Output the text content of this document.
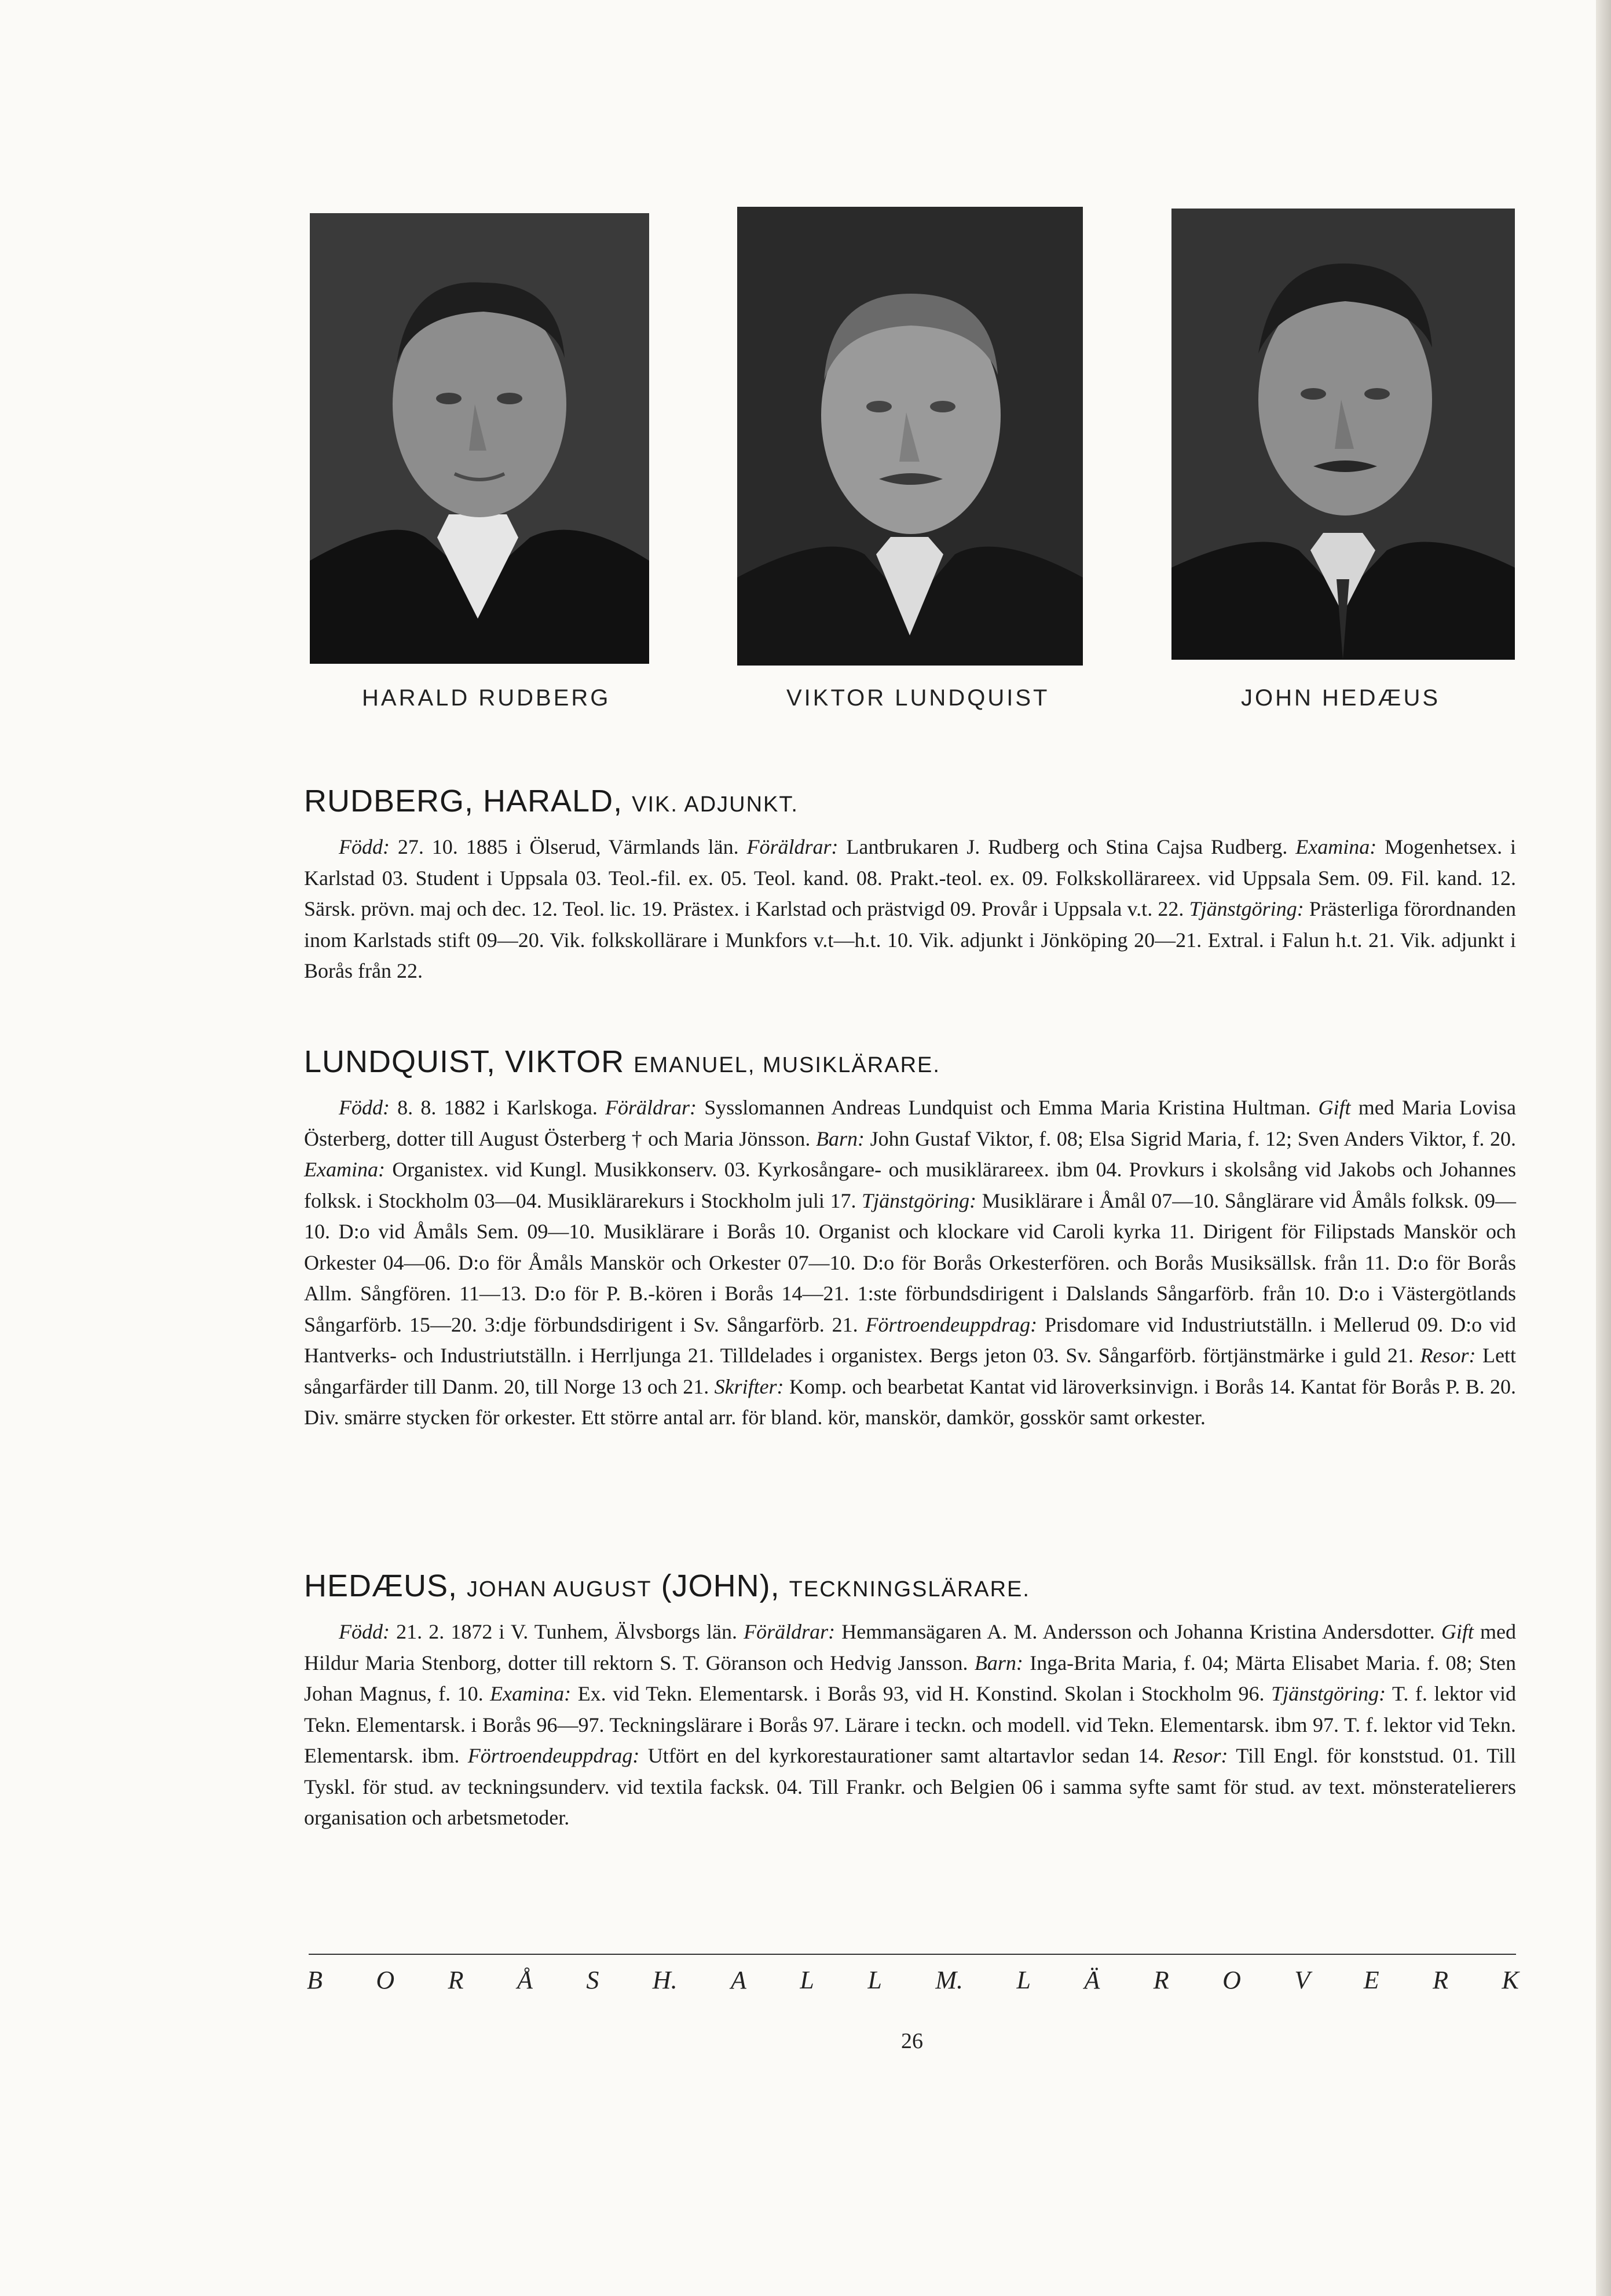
HARALD RUDBERG	VIKTOR LUNDQUIST	JOHN HEDÆUS
RUDBERG, HARALD, VIK. ADJUNKT.

Född: 27. 10. 1885 i Ölserud, Värmlands län. Föräldrar: Lantbrukaren J. Rudberg och Stina Cajsa Rudberg. Examina: Mogenhetsex. i Karlstad 03. Student i Uppsala 03. Teol.-fil. ex. 05. Teol. kand. 08. Prakt.-teol. ex. 09. Folkskollärareex. vid Uppsala Sem. 09. Fil. kand. 12. Särsk. prövn. maj och dec. 12. Teol. lic. 19. Prästex. i Karlstad och prästvigd 09. Provår i Uppsala v.t. 22. Tjänstgöring: Prästerliga förordnanden inom Karlstads stift 09—20. Vik. folkskollärare i Munkfors v.t—h.t. 10. Vik. adjunkt i Jönköping 20—21. Extral. i Falun h.t. 21. Vik. adjunkt i Borås från 22.

LUNDQUIST, VIKTOR EMANUEL, MUSIKLÄRARE.

Född: 8. 8. 1882 i Karlskoga. Föräldrar: Sysslomannen Andreas Lundquist och Emma Maria Kristina Hultman. Gift med Maria Lovisa Österberg, dotter till August Österberg † och Maria Jönsson. Barn: John Gustaf Viktor, f. 08; Elsa Sigrid Maria, f. 12; Sven Anders Viktor, f. 20. Examina: Organistex. vid Kungl. Musikkonserv. 03. Kyrkosångare- och musiklärareex. ibm 04. Provkurs i skolsång vid Jakobs och Johannes folksk. i Stockholm 03—04. Musiklärarekurs i Stockholm juli 17. Tjänstgöring: Musiklärare i Åmål 07—10. Sånglärare vid Åmåls folksk. 09—10. D:o vid Åmåls Sem. 09—10. Musiklärare i Borås 10. Organist och klockare vid Caroli kyrka 11. Dirigent för Filipstads Manskör och Orkester 04—06. D:o för Åmåls Manskör och Orkester 07—10. D:o för Borås Orkesterfören. och Borås Musiksällsk. från 11. D:o för Borås Allm. Sångfören. 11—13. D:o för P. B.-kören i Borås 14—21. 1:ste förbundsdirigent i Dalslands Sångarförb. från 10. D:o i Västergötlands Sångarförb. 15—20. 3:dje förbundsdirigent i Sv. Sångarförb. 21. Förtroendeuppdrag: Prisdomare vid Industriutställn. i Mellerud 09. D:o vid Hantverks- och Industriutställn. i Herrljunga 21. Tilldelades i organistex. Bergs jeton 03. Sv. Sångarförb. förtjänstmärke i guld 21. Resor: Lett sångarfärder till Danm. 20, till Norge 13 och 21. Skrifter: Komp. och bearbetat Kantat vid läroverksinvign. i Borås 14. Kantat för Borås P. B. 20. Div. smärre stycken för orkester. Ett större antal arr. för bland. kör, manskör, damkör, gosskör samt orkester.

HEDÆUS, JOHAN AUGUST (JOHN), TECKNINGSLÄRARE.

Född: 21. 2. 1872 i V. Tunhem, Älvsborgs län. Föräldrar: Hemmansägaren A. M. Andersson och Johanna Kristina Andersdotter. Gift med Hildur Maria Stenborg, dotter till rektorn S. T. Göranson och Hedvig Jansson. Barn: Inga-Brita Maria, f. 04; Märta Elisabet Maria. f. 08; Sten Johan Magnus, f. 10. Examina: Ex. vid Tekn. Elementarsk. i Borås 93, vid H. Konstind. Skolan i Stockholm 96. Tjänstgöring: T. f. lektor vid Tekn. Elementarsk. i Borås 96—97. Teckningslärare i Borås 97. Lärare i teckn. och modell. vid Tekn. Elementarsk. ibm 97. T. f. lektor vid Tekn. Elementarsk. ibm. Förtroendeuppdrag: Utfört en del kyrkorestaurationer samt altartavlor sedan 14. Resor: Till Engl. för konststud. 01. Till Tyskl. för stud. av teckningsunderv. vid textila facksk. 04. Till Frankr. och Belgien 06 i samma syfte samt för stud. av text. mönsteratelierers organisation och arbetsmetoder.

B O R Å S H. A L L M. L Ä R O V E R K
26
